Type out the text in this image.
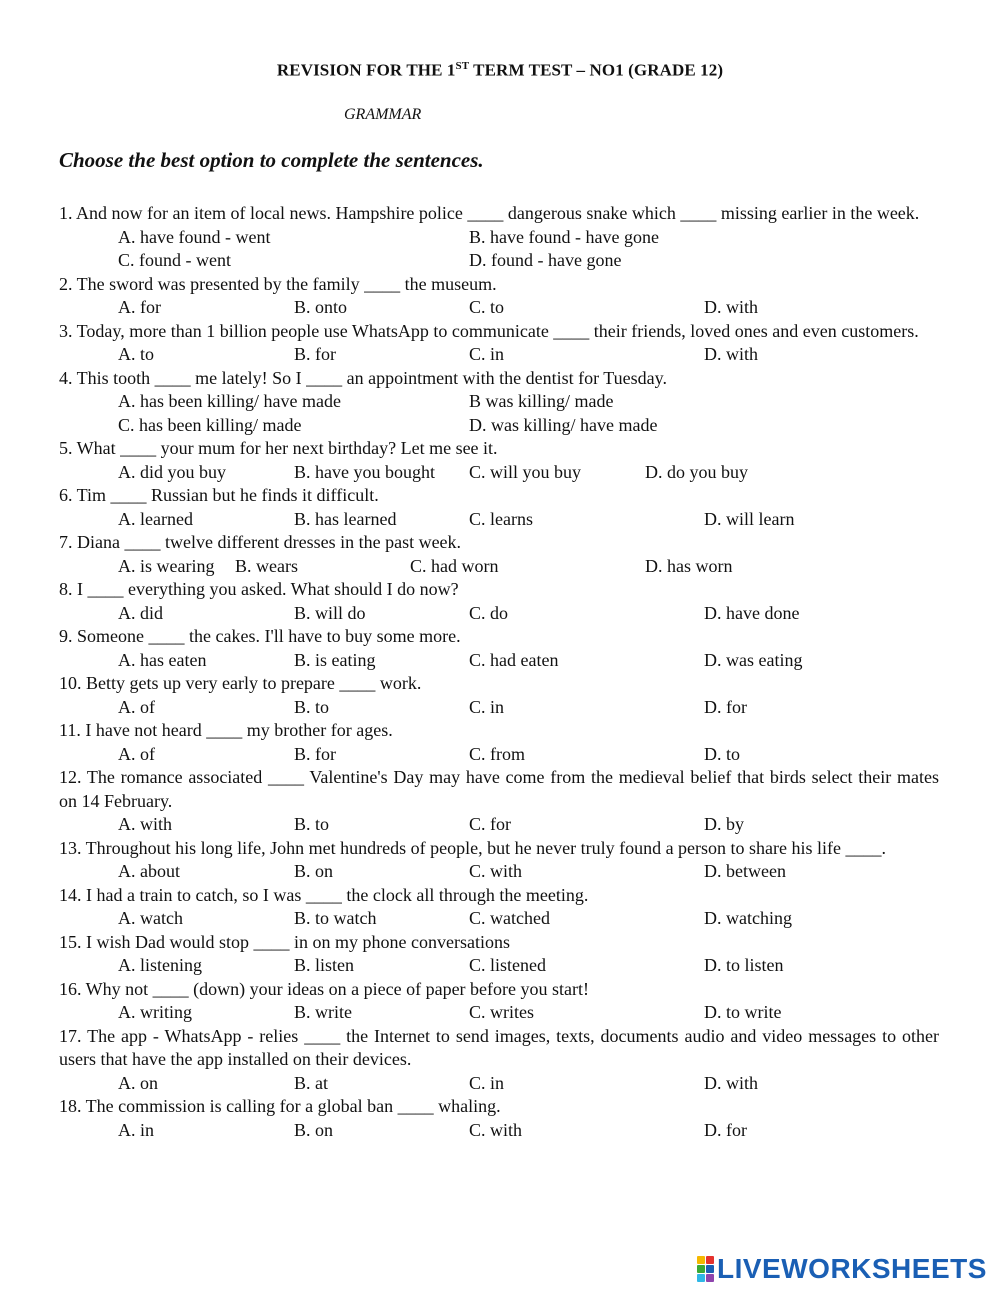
REVISION FOR THE 1ST TERM TEST – NO1 (GRADE 12)
GRAMMAR
Choose the best option to complete the sentences.
1. And now for an item of local news. Hampshire police ____ dangerous snake which ____ missing earlier in the week.
A. have found - went	B. have found - have gone
C. found - went	D. found - have gone
2. The sword was presented by the family ____ the museum.
A. for	B. onto	C. to	D. with
3. Today, more than 1 billion people use WhatsApp to communicate ____ their friends, loved ones and even customers.
A. to	B. for	C. in	D. with
4. This tooth ____ me lately! So I ____ an appointment with the dentist for Tuesday.
A. has been killing/ have made	B was killing/ made
C. has been killing/ made	D. was killing/ have made
5. What ____ your mum for her next birthday? Let me see it.
A. did you buy	B. have you bought C. will you buy	D. do you buy
6. Tim ____ Russian but he finds it difficult.
A. learned	B. has learned	C. learns	D. will learn
7. Diana ____ twelve different dresses in the past week.
A. is wearing B. wears	C. had worn	D. has worn
8. I ____ everything you asked. What should I do now?
A. did	B. will do	C. do	D. have done
9. Someone ____ the cakes. I'll have to buy some more.
A. has eaten	B. is eating	C. had eaten	D. was eating
10. Betty gets up very early to prepare ____ work.
A. of	B. to	C. in	D. for
11. I have not heard ____ my brother for ages.
A. of	B. for	C. from	D. to
12. The romance associated ____ Valentine's Day may have come from the medieval belief that birds select their mates on 14 February.
A. with	B. to	C. for	D. by
13. Throughout his long life, John met hundreds of people, but he never truly found a person to share his life ____.
A. about	B. on	C. with	D. between
14. I had a train to catch, so I was ____ the clock all through the meeting.
A. watch	B. to watch	C. watched	D. watching
15. I wish Dad would stop ____ in on my phone conversations
A. listening	B. listen	C. listened	D. to listen
16. Why not ____ (down) your ideas on a piece of paper before you start!
A. writing	B. write	C. writes	D. to write
17. The app - WhatsApp - relies ____ the Internet to send images, texts, documents audio and video messages to other users that have the app installed on their devices.
A. on	B. at	C. in	D. with
18. The commission is calling for a global ban ____ whaling.
A. in	B. on	C. with	D. for
LIVEWORKSHEETS
